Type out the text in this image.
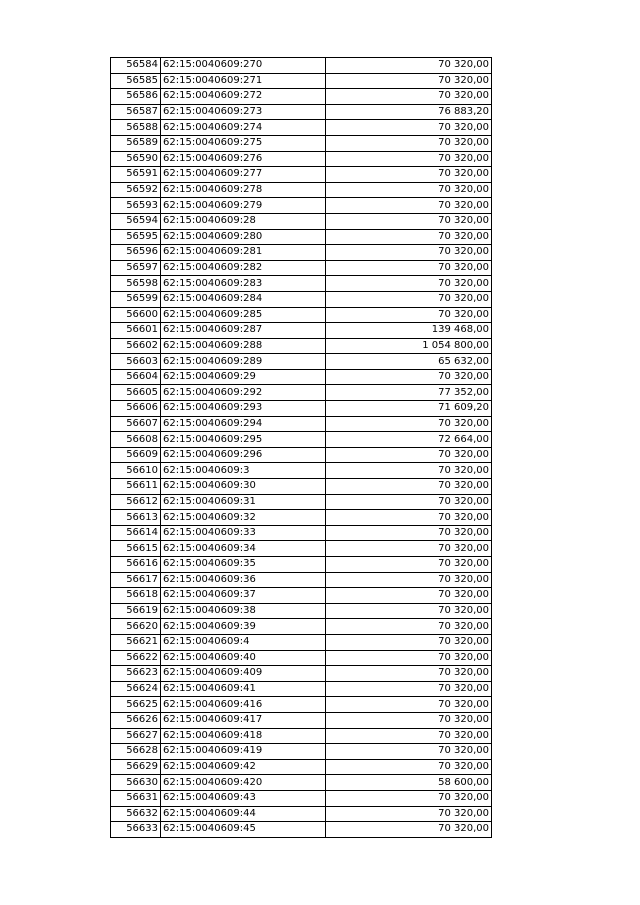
56584	62:15:0040609:270	70 320,00
56585	62:15:0040609:271	70 320,00
56586	62:15:0040609:272	70 320,00
56587	62:15:0040609:273	76 883,20
56588	62:15:0040609:274	70 320,00
56589	62:15:0040609:275	70 320,00
56590	62:15:0040609:276	70 320,00
56591	62:15:0040609:277	70 320,00
56592	62:15:0040609:278	70 320,00
56593	62:15:0040609:279	70 320,00
56594	62:15:0040609:28	70 320,00
56595	62:15:0040609:280	70 320,00
56596	62:15:0040609:281	70 320,00
56597	62:15:0040609:282	70 320,00
56598	62:15:0040609:283	70 320,00
56599	62:15:0040609:284	70 320,00
56600	62:15:0040609:285	70 320,00
56601	62:15:0040609:287	139 468,00
56602	62:15:0040609:288	1 054 800,00
56603	62:15:0040609:289	65 632,00
56604	62:15:0040609:29	70 320,00
56605	62:15:0040609:292	77 352,00
56606	62:15:0040609:293	71 609,20
56607	62:15:0040609:294	70 320,00
56608	62:15:0040609:295	72 664,00
56609	62:15:0040609:296	70 320,00
56610	62:15:0040609:3	70 320,00
56611	62:15:0040609:30	70 320,00
56612	62:15:0040609:31	70 320,00
56613	62:15:0040609:32	70 320,00
56614	62:15:0040609:33	70 320,00
56615	62:15:0040609:34	70 320,00
56616	62:15:0040609:35	70 320,00
56617	62:15:0040609:36	70 320,00
56618	62:15:0040609:37	70 320,00
56619	62:15:0040609:38	70 320,00
56620	62:15:0040609:39	70 320,00
56621	62:15:0040609:4	70 320,00
56622	62:15:0040609:40	70 320,00
56623	62:15:0040609:409	70 320,00
56624	62:15:0040609:41	70 320,00
56625	62:15:0040609:416	70 320,00
56626	62:15:0040609:417	70 320,00
56627	62:15:0040609:418	70 320,00
56628	62:15:0040609:419	70 320,00
56629	62:15:0040609:42	70 320,00
56630	62:15:0040609:420	58 600,00
56631	62:15:0040609:43	70 320,00
56632	62:15:0040609:44	70 320,00
56633	62:15:0040609:45	70 320,00
